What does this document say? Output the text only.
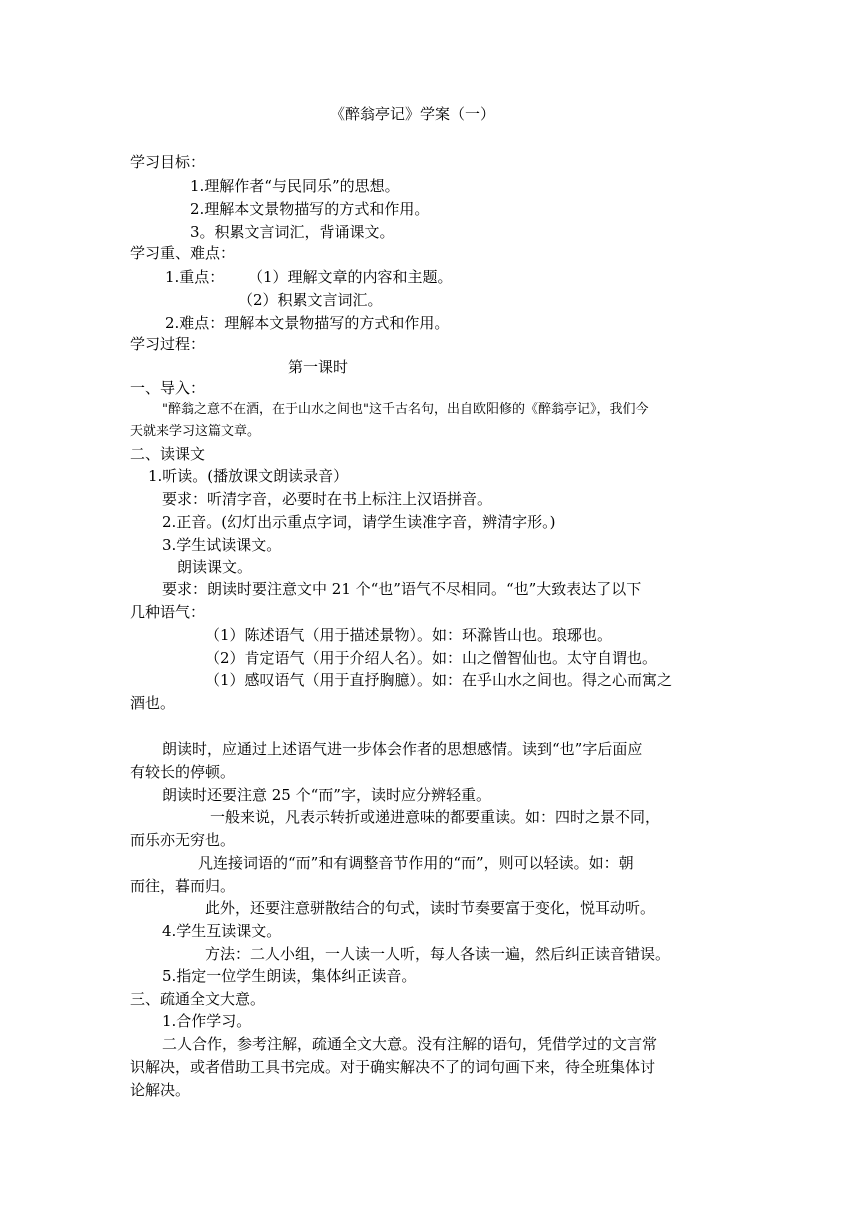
《醉翁亭记》学案（一）
学习目标：
1.理解作者“与民同乐”的思想。
2.理解本文景物描写的方式和作用。
3。积累文言词汇，背诵课文。
学习重、难点：
1.重点： （1）理解文章的内容和主题。
（2）积累文言词汇。
2.难点：理解本文景物描写的方式和作用。
学习过程：
第一课时
一、导入：
"醉翁之意不在酒，在于山水之间也"这千古名句，出自欧阳修的《醉翁亭记》，我们今
天就来学习这篇文章。
二、读课文
1.听读。(播放课文朗读录音）
要求：听清字音，必要时在书上标注上汉语拼音。
2.正音。(幻灯出示重点字词，请学生读准字音，辨清字形。)
3.学生试读课文。
朗读课文。
要求：朗读时要注意文中 21 个“也”语气不尽相同。“也”大致表达了以下
几种语气：
（1）陈述语气（用于描述景物）。如：环滁皆山也。琅琊也。
（2）肯定语气（用于介绍人名）。如：山之僧智仙也。太守自谓也。
（1）感叹语气（用于直抒胸臆）。如：在乎山水之间也。得之心而寓之
酒也。
朗读时，应通过上述语气进一步体会作者的思想感情。读到“也”字后面应
有较长的停顿。
朗读时还要注意 25 个“而”字，读时应分辨轻重。
一般来说，凡表示转折或递进意味的都要重读。如：四时之景不同，
而乐亦无穷也。
凡连接词语的“而”和有调整音节作用的“而”，则可以轻读。如：朝
而往，暮而归。
此外，还要注意骈散结合的句式，读时节奏要富于变化，悦耳动听。
4.学生互读课文。
方法：二人小组，一人读一人听，每人各读一遍，然后纠正读音错误。
5.指定一位学生朗读，集体纠正读音。
三、疏通全文大意。
1.合作学习。
二人合作，参考注解，疏通全文大意。没有注解的语句，凭借学过的文言常
识解决，或者借助工具书完成。对于确实解决不了的词句画下来，待全班集体讨
论解决。
